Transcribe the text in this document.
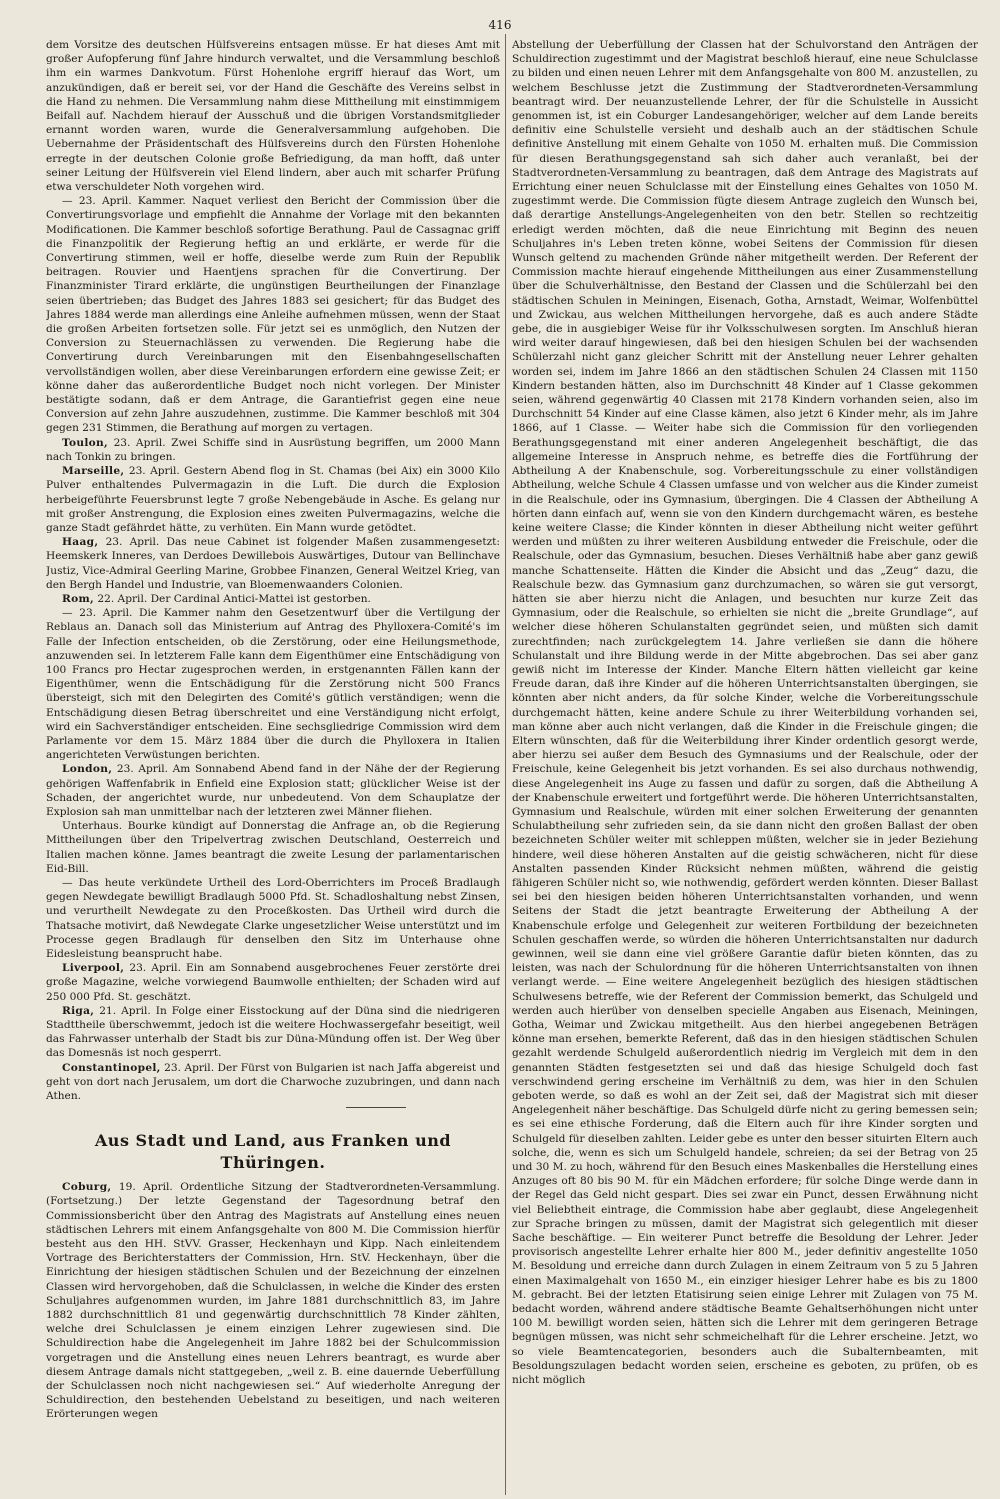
416

dem Vorsitze des deutschen Hülfsvereins entsagen müsse. Er hat dieses Amt mit großer Aufopferung fünf Jahre hindurch verwaltet, und die Versammlung beschloß ihm ein warmes Dankvotum. Fürst Hohenlohe ergriff hierauf das Wort, um anzukündigen, daß er bereit sei, vor der Hand die Geschäfte des Vereins selbst in die Hand zu nehmen. Die Versammlung nahm diese Mittheilung mit einstimmigem Beifall auf. Nachdem hierauf der Ausschuß und die übrigen Vorstandsmitglieder ernannt worden waren, wurde die Generalversammlung aufgehoben. Die Uebernahme der Präsidentschaft des Hülfsvereins durch den Fürsten Hohenlohe erregte in der deutschen Colonie große Befriedigung, da man hofft, daß unter seiner Leitung der Hülfsverein viel Elend lindern, aber auch mit scharfer Prüfung etwa verschuldeter Noth vorgehen wird.

— 23. April. Kammer. Naquet verliest den Bericht der Commission über die Convertirungsvorlage und empfiehlt die Annahme der Vorlage mit den bekannten Modificationen. Die Kammer beschloß sofortige Berathung. Paul de Cassagnac griff die Finanzpolitik der Regierung heftig an und erklärte, er werde für die Convertirung stimmen, weil er hoffe, dieselbe werde zum Ruin der Republik beitragen. Rouvier und Haentjens sprachen für die Convertirung. Der Finanzminister Tirard erklärte, die ungünstigen Beurtheilungen der Finanzlage seien übertrieben; das Budget des Jahres 1883 sei gesichert; für das Budget des Jahres 1884 werde man allerdings eine Anleihe aufnehmen müssen, wenn der Staat die großen Arbeiten fortsetzen solle. Für jetzt sei es unmöglich, den Nutzen der Conversion zu Steuernachlässen zu verwenden. Die Regierung habe die Convertirung durch Vereinbarungen mit den Eisenbahngesellschaften vervollständigen wollen, aber diese Vereinbarungen erfordern eine gewisse Zeit; er könne daher das außerordentliche Budget noch nicht vorlegen. Der Minister bestätigte sodann, daß er dem Antrage, die Garantiefrist gegen eine neue Conversion auf zehn Jahre auszudehnen, zustimme. Die Kammer beschloß mit 304 gegen 231 Stimmen, die Berathung auf morgen zu vertagen.

Toulon, 23. April. Zwei Schiffe sind in Ausrüstung begriffen, um 2000 Mann nach Tonkin zu bringen.

Marseille, 23. April. Gestern Abend flog in St. Chamas (bei Aix) ein 3000 Kilo Pulver enthaltendes Pulvermagazin in die Luft. Die durch die Explosion herbeigeführte Feuersbrunst legte 7 große Nebengebäude in Asche. Es gelang nur mit großer Anstrengung, die Explosion eines zweiten Pulvermagazins, welche die ganze Stadt gefährdet hätte, zu verhüten. Ein Mann wurde getödtet.

Haag, 23. April. Das neue Cabinet ist folgender Maßen zusammengesetzt: Heemskerk Inneres, van Derdoes Dewillebois Auswärtiges, Dutour van Bellinchave Justiz, Vice-Admiral Geerling Marine, Grobbee Finanzen, General Weitzel Krieg, van den Bergh Handel und Industrie, van Bloemenwaanders Colonien.

Rom, 22. April. Der Cardinal Antici-Mattei ist gestorben.

— 23. April. Die Kammer nahm den Gesetzentwurf über die Vertilgung der Reblaus an. Danach soll das Ministerium auf Antrag des Phylloxera-Comité's im Falle der Infection entscheiden, ob die Zerstörung, oder eine Heilungsmethode, anzuwenden sei. In letzterem Falle kann dem Eigenthümer eine Entschädigung von 100 Francs pro Hectar zugesprochen werden, in erstgenannten Fällen kann der Eigenthümer, wenn die Entschädigung für die Zerstörung nicht 500 Francs übersteigt, sich mit den Delegirten des Comité's gütlich verständigen; wenn die Entschädigung diesen Betrag überschreitet und eine Verständigung nicht erfolgt, wird ein Sachverständiger entscheiden. Eine sechsgliedrige Commission wird dem Parlamente vor dem 15. März 1884 über die durch die Phylloxera in Italien angerichteten Verwüstungen berichten.

London, 23. April. Am Sonnabend Abend fand in der Nähe der der Regierung gehörigen Waffenfabrik in Enfield eine Explosion statt; glücklicher Weise ist der Schaden, der angerichtet wurde, nur unbedeutend. Von dem Schauplatze der Explosion sah man unmittelbar nach der letzteren zwei Männer fliehen.

Unterhaus. Bourke kündigt auf Donnerstag die Anfrage an, ob die Regierung Mittheilungen über den Tripelvertrag zwischen Deutschland, Oesterreich und Italien machen könne. James beantragt die zweite Lesung der parlamentarischen Eid-Bill.

— Das heute verkündete Urtheil des Lord-Oberrichters im Proceß Bradlaugh gegen Newdegate bewilligt Bradlaugh 5000 Pfd. St. Schadloshaltung nebst Zinsen, und verurtheilt Newdegate zu den Proceßkosten. Das Urtheil wird durch die Thatsache motivirt, daß Newdegate Clarke ungesetzlicher Weise unterstützt und im Processe gegen Bradlaugh für denselben den Sitz im Unterhause ohne Eidesleistung beansprucht habe.

Liverpool, 23. April. Ein am Sonnabend ausgebrochenes Feuer zerstörte drei große Magazine, welche vorwiegend Baumwolle enthielten; der Schaden wird auf 250 000 Pfd. St. geschätzt.

Riga, 21. April. In Folge einer Eisstockung auf der Düna sind die niedrigeren Stadttheile überschwemmt, jedoch ist die weitere Hochwassergefahr beseitigt, weil das Fahrwasser unterhalb der Stadt bis zur Düna-Mündung offen ist. Der Weg über das Domesnäs ist noch gesperrt.

Constantinopel, 23. April. Der Fürst von Bulgarien ist nach Jaffa abgereist und geht von dort nach Jerusalem, um dort die Charwoche zuzubringen, und dann nach Athen.

Aus Stadt und Land, aus Franken und Thüringen.

Coburg, 19. April. Ordentliche Sitzung der Stadtverordneten-Versammlung. (Fortsetzung.) Der letzte Gegenstand der Tagesordnung betraf den Commissionsbericht über den Antrag des Magistrats auf Anstellung eines neuen städtischen Lehrers mit einem Anfangsgehalte von 800 M. Die Commission hierfür besteht aus den HH. StVV. Grasser, Heckenhayn und Kipp. Nach einleitendem Vortrage des Berichterstatters der Commission, Hrn. StV. Heckenhayn, über die Einrichtung der hiesigen städtischen Schulen und der Bezeichnung der einzelnen Classen wird hervorgehoben, daß die Schulclassen, in welche die Kinder des ersten Schuljahres aufgenommen wurden, im Jahre 1881 durchschnittlich 83, im Jahre 1882 durchschnittlich 81 und gegenwärtig durchschnittlich 78 Kinder zählten, welche drei Schulclassen je einem einzigen Lehrer zugewiesen sind. Die Schuldirection habe die Angelegenheit im Jahre 1882 bei der Schulcommission vorgetragen und die Anstellung eines neuen Lehrers beantragt, es wurde aber diesem Antrage damals nicht stattgegeben, „weil z. B. eine dauernde Ueberfüllung der Schulclassen noch nicht nachgewiesen sei.“ Auf wiederholte Anregung der Schuldirection, den bestehenden Uebelstand zu beseitigen, und nach weiteren Erörterungen wegen

Abstellung der Ueberfüllung der Classen hat der Schulvorstand den Anträgen der Schuldirection zugestimmt und der Magistrat beschloß hierauf, eine neue Schulclasse zu bilden und einen neuen Lehrer mit dem Anfangsgehalte von 800 M. anzustellen, zu welchem Beschlusse jetzt die Zustimmung der Stadtverordneten-Versammlung beantragt wird. Der neuanzustellende Lehrer, der für die Schulstelle in Aussicht genommen ist, ist ein Coburger Landesangehöriger, welcher auf dem Lande bereits definitiv eine Schulstelle versieht und deshalb auch an der städtischen Schule definitive Anstellung mit einem Gehalte von 1050 M. erhalten muß. Die Commission für diesen Berathungsgegenstand sah sich daher auch veranlaßt, bei der Stadtverordneten-Versammlung zu beantragen, daß dem Antrage des Magistrats auf Errichtung einer neuen Schulclasse mit der Einstellung eines Gehaltes von 1050 M. zugestimmt werde. Die Commission fügte diesem Antrage zugleich den Wunsch bei, daß derartige Anstellungs-Angelegenheiten von den betr. Stellen so rechtzeitig erledigt werden möchten, daß die neue Einrichtung mit Beginn des neuen Schuljahres in's Leben treten könne, wobei Seitens der Commission für diesen Wunsch geltend zu machenden Gründe näher mitgetheilt werden. Der Referent der Commission machte hierauf eingehende Mittheilungen aus einer Zusammenstellung über die Schulverhältnisse, den Bestand der Classen und die Schülerzahl bei den städtischen Schulen in Meiningen, Eisenach, Gotha, Arnstadt, Weimar, Wolfenbüttel und Zwickau, aus welchen Mittheilungen hervorgehe, daß es auch andere Städte gebe, die in ausgiebiger Weise für ihr Volksschulwesen sorgten. Im Anschluß hieran wird weiter darauf hingewiesen, daß bei den hiesigen Schulen bei der wachsenden Schülerzahl nicht ganz gleicher Schritt mit der Anstellung neuer Lehrer gehalten worden sei, indem im Jahre 1866 an den städtischen Schulen 24 Classen mit 1150 Kindern bestanden hätten, also im Durchschnitt 48 Kinder auf 1 Classe gekommen seien, während gegenwärtig 40 Classen mit 2178 Kindern vorhanden seien, also im Durchschnitt 54 Kinder auf eine Classe kämen, also jetzt 6 Kinder mehr, als im Jahre 1866, auf 1 Classe. — Weiter habe sich die Commission für den vorliegenden Berathungsgegenstand mit einer anderen Angelegenheit beschäftigt, die das allgemeine Interesse in Anspruch nehme, es betreffe dies die Fortführung der Abtheilung A der Knabenschule, sog. Vorbereitungsschule zu einer vollständigen Abtheilung, welche Schule 4 Classen umfasse und von welcher aus die Kinder zumeist in die Realschule, oder ins Gymnasium, übergingen. Die 4 Classen der Abtheilung A hörten dann einfach auf, wenn sie von den Kindern durchgemacht wären, es bestehe keine weitere Classe; die Kinder könnten in dieser Abtheilung nicht weiter geführt werden und müßten zu ihrer weiteren Ausbildung entweder die Freischule, oder die Realschule, oder das Gymnasium, besuchen. Dieses Verhältniß habe aber ganz gewiß manche Schattenseite. Hätten die Kinder die Absicht und das „Zeug“ dazu, die Realschule bezw. das Gymnasium ganz durchzumachen, so wären sie gut versorgt, hätten sie aber hierzu nicht die Anlagen, und besuchten nur kurze Zeit das Gymnasium, oder die Realschule, so erhielten sie nicht die „breite Grundlage“, auf welcher diese höheren Schulanstalten gegründet seien, und müßten sich damit zurechtfinden; nach zurückgelegtem 14. Jahre verließen sie dann die höhere Schulanstalt und ihre Bildung werde in der Mitte abgebrochen. Das sei aber ganz gewiß nicht im Interesse der Kinder. Manche Eltern hätten vielleicht gar keine Freude daran, daß ihre Kinder auf die höheren Unterrichtsanstalten übergingen, sie könnten aber nicht anders, da für solche Kinder, welche die Vorbereitungsschule durchgemacht hätten, keine andere Schule zu ihrer Weiterbildung vorhanden sei, man könne aber auch nicht verlangen, daß die Kinder in die Freischule gingen; die Eltern wünschten, daß für die Weiterbildung ihrer Kinder ordentlich gesorgt werde, aber hierzu sei außer dem Besuch des Gymnasiums und der Realschule, oder der Freischule, keine Gelegenheit bis jetzt vorhanden. Es sei also durchaus nothwendig, diese Angelegenheit ins Auge zu fassen und dafür zu sorgen, daß die Abtheilung A der Knabenschule erweitert und fortgeführt werde. Die höheren Unterrichtsanstalten, Gymnasium und Realschule, würden mit einer solchen Erweiterung der genannten Schulabtheilung sehr zufrieden sein, da sie dann nicht den großen Ballast der oben bezeichneten Schüler weiter mit schleppen müßten, welcher sie in jeder Beziehung hindere, weil diese höheren Anstalten auf die geistig schwächeren, nicht für diese Anstalten passenden Kinder Rücksicht nehmen müßten, während die geistig fähigeren Schüler nicht so, wie nothwendig, gefördert werden könnten. Dieser Ballast sei bei den hiesigen beiden höheren Unterrichtsanstalten vorhanden, und wenn Seitens der Stadt die jetzt beantragte Erweiterung der Abtheilung A der Knabenschule erfolge und Gelegenheit zur weiteren Fortbildung der bezeichneten Schulen geschaffen werde, so würden die höheren Unterrichtsanstalten nur dadurch gewinnen, weil sie dann eine viel größere Garantie dafür bieten könnten, das zu leisten, was nach der Schulordnung für die höheren Unterrichtsanstalten von ihnen verlangt werde. — Eine weitere Angelegenheit bezüglich des hiesigen städtischen Schulwesens betreffe, wie der Referent der Commission bemerkt, das Schulgeld und werden auch hierüber von denselben specielle Angaben aus Eisenach, Meiningen, Gotha, Weimar und Zwickau mitgetheilt. Aus den hierbei angegebenen Beträgen könne man ersehen, bemerkte Referent, daß das in den hiesigen städtischen Schulen gezahlt werdende Schulgeld außerordentlich niedrig im Vergleich mit dem in den genannten Städten festgesetzten sei und daß das hiesige Schulgeld doch fast verschwindend gering erscheine im Verhältniß zu dem, was hier in den Schulen geboten werde, so daß es wohl an der Zeit sei, daß der Magistrat sich mit dieser Angelegenheit näher beschäftige. Das Schulgeld dürfe nicht zu gering bemessen sein; es sei eine ethische Forderung, daß die Eltern auch für ihre Kinder sorgten und Schulgeld für dieselben zahlten. Leider gebe es unter den besser situirten Eltern auch solche, die, wenn es sich um Schulgeld handele, schreien; da sei der Betrag von 25 und 30 M. zu hoch, während für den Besuch eines Maskenballes die Herstellung eines Anzuges oft 80 bis 90 M. für ein Mädchen erfordere; für solche Dinge werde dann in der Regel das Geld nicht gespart. Dies sei zwar ein Punct, dessen Erwähnung nicht viel Beliebtheit eintrage, die Commission habe aber geglaubt, diese Angelegenheit zur Sprache bringen zu müssen, damit der Magistrat sich gelegentlich mit dieser Sache beschäftige. — Ein weiterer Punct betreffe die Besoldung der Lehrer. Jeder provisorisch angestellte Lehrer erhalte hier 800 M., jeder definitiv angestellte 1050 M. Besoldung und erreiche dann durch Zulagen in einem Zeitraum von 5 zu 5 Jahren einen Maximalgehalt von 1650 M., ein einziger hiesiger Lehrer habe es bis zu 1800 M. gebracht. Bei der letzten Etatisirung seien einige Lehrer mit Zulagen von 75 M. bedacht worden, während andere städtische Beamte Gehaltserhöhungen nicht unter 100 M. bewilligt worden seien, hätten sich die Lehrer mit dem geringeren Betrage begnügen müssen, was nicht sehr schmeichelhaft für die Lehrer erscheine. Jetzt, wo so viele Beamtencategorien, besonders auch die Subalternbeamten, mit Besoldungszulagen bedacht worden seien, erscheine es geboten, zu prüfen, ob es nicht möglich
